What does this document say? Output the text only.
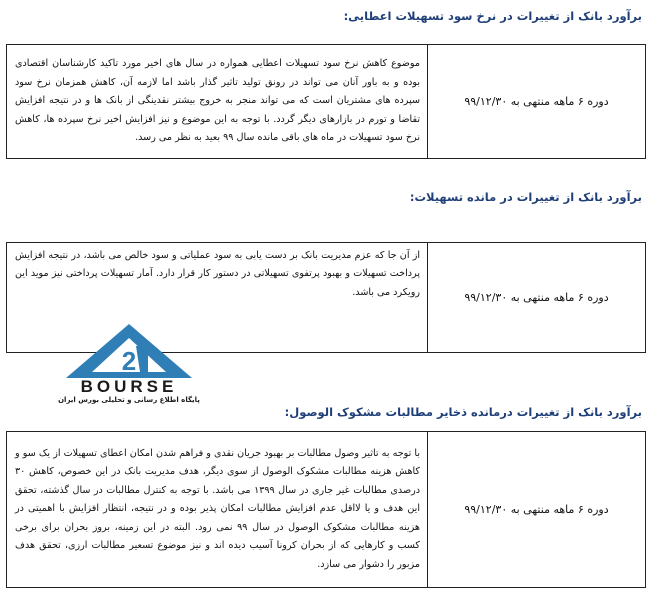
برآورد بانک از تغییرات در نرخ سود تسهیلات اعطایی:
دوره ۶ ماهه منتهی به ۹۹/۱۲/۳۰	موضوع کاهش نرخ سود تسهیلات اعطایی همواره در سال های اخیر مورد تاکید کارشناسان اقتصادی بوده و به باور آنان می تواند در رونق تولید تاثیر گذار باشد اما لازمه آن، کاهش همزمان نرخ سود سپرده های مشتریان است که می تواند منجر به خروج بیشتر نقدینگی از بانک ها و در نتیجه افزایش تقاضا و تورم در بازارهای دیگر گردد. با توجه به این موضوع و نیز افزایش اخیر نرخ سپرده ها، کاهش نرخ سود تسهیلات در ماه های باقی مانده سال ۹۹ بعید به نظر می رسد.
برآورد بانک از تغییرات در مانده تسهیلات:
دوره ۶ ماهه منتهی به ۹۹/۱۲/۳۰	از آن جا که عزم مدیریت بانک بر دست یابی به سود عملیاتی و سود خالص می باشد، در نتیجه افزایش پرداخت تسهیلات و بهبود پرتفوی تسهیلاتی در دستور کار قرار دارد. آمار تسهیلات پرداختی نیز موید این رویکرد می باشد.
2
BOURSE
پایگاه اطلاع رسانی و تحلیلی بورس ایران
برآورد بانک از تغییرات درمانده ذخایر مطالبات مشکوک الوصول:
دوره ۶ ماهه منتهی به ۹۹/۱۲/۳۰	با توجه به تاثیر وصول مطالبات بر بهبود جریان نقدی و فراهم شدن امکان اعطای تسهیلات از یک سو و کاهش هزینه مطالبات مشکوک الوصول از سوی دیگر، هدف مدیریت بانک در این خصوص، کاهش ۳۰ درصدی مطالبات غیر جاری در سال ۱۳۹۹ می باشد. با توجه به کنترل مطالبات در سال گذشته، تحقق این هدف و یا لااقل عدم افزایش مطالبات امکان پذیر بوده و در نتیجه، انتظار افزایش با اهمیتی در هزینه مطالبات مشکوک الوصول در سال ۹۹ نمی رود. البته در این زمینه، بروز بحران برای برخی کسب و کارهایی که از بحران کرونا آسیب دیده اند و نیز موضوع تسعیر مطالبات ارزی، تحقق هدف مزبور را دشوار می سازد.
